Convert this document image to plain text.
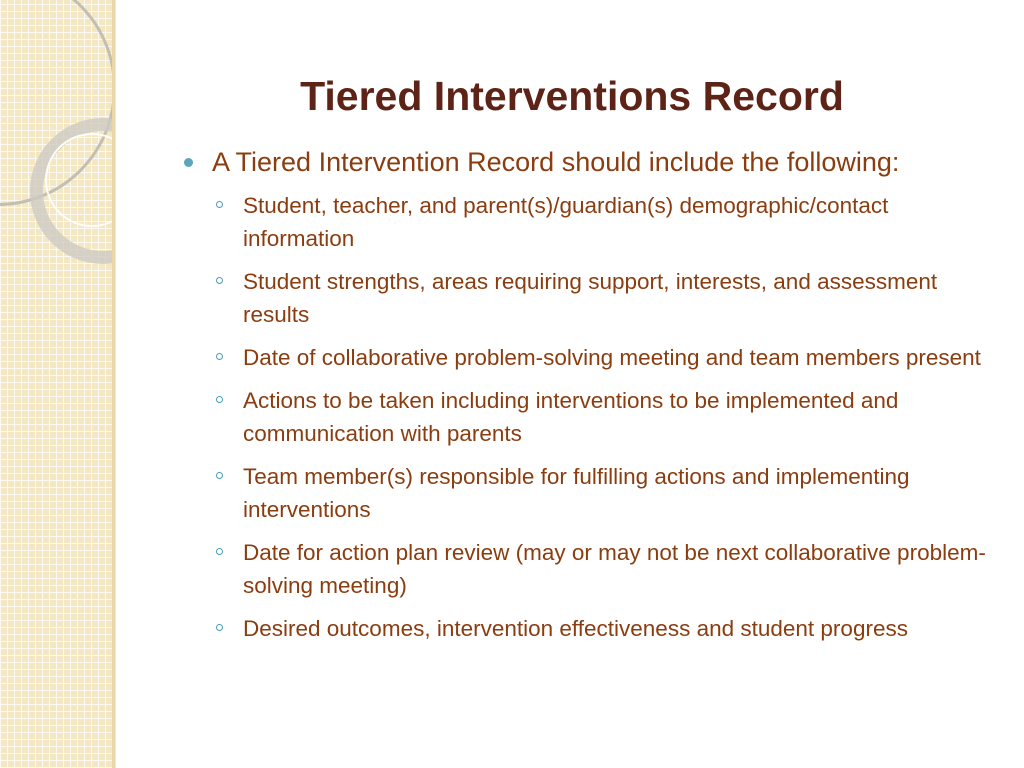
Tiered Interventions Record
A Tiered Intervention Record should include the following:
Student, teacher, and parent(s)/guardian(s) demographic/contact information
Student strengths, areas requiring support, interests, and assessment results
Date of collaborative problem-solving meeting and team members present
Actions to be taken including interventions to be implemented and communication with parents
Team member(s) responsible for fulfilling actions and implementing interventions
Date for action plan review (may or may not be next collaborative problem-solving meeting)
Desired outcomes, intervention effectiveness and student progress
